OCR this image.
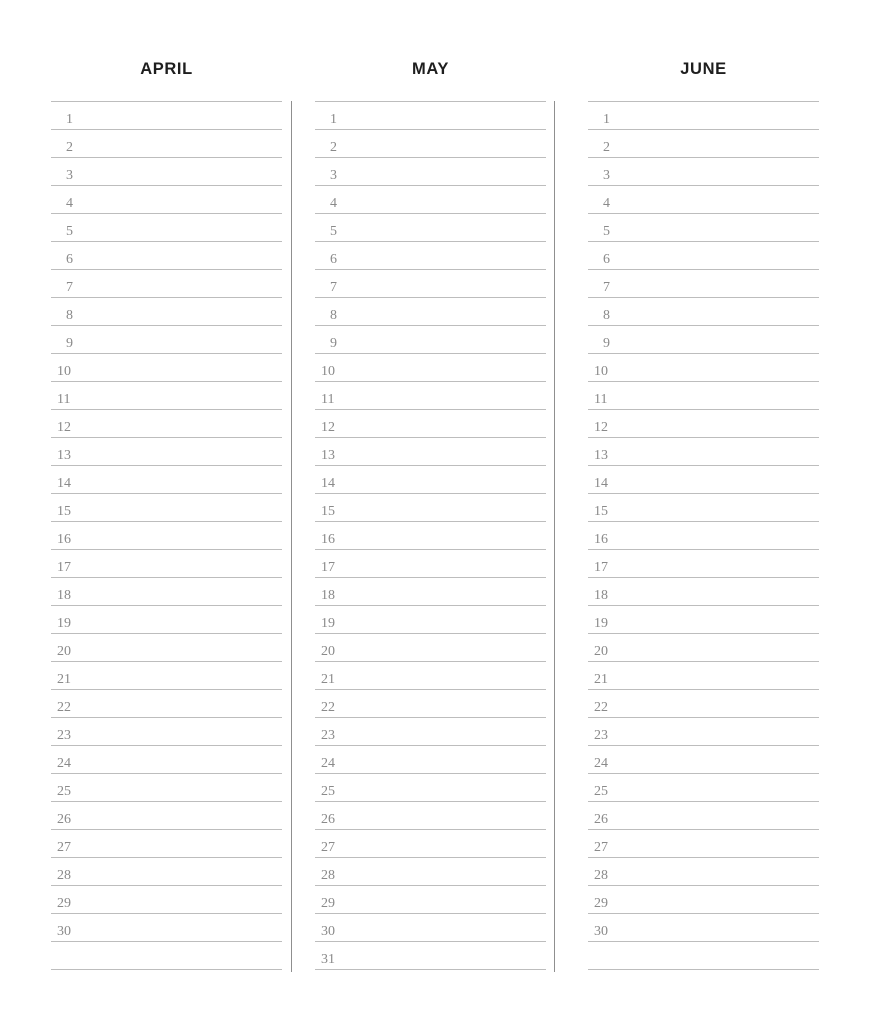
APRIL
1
2
3
4
5
6
7
8
9
10
11
12
13
14
15
16
17
18
19
20
21
22
23
24
25
26
27
28
29
30
MAY
1
2
3
4
5
6
7
8
9
10
11
12
13
14
15
16
17
18
19
20
21
22
23
24
25
26
27
28
29
30
31
JUNE
1
2
3
4
5
6
7
8
9
10
11
12
13
14
15
16
17
18
19
20
21
22
23
24
25
26
27
28
29
30
